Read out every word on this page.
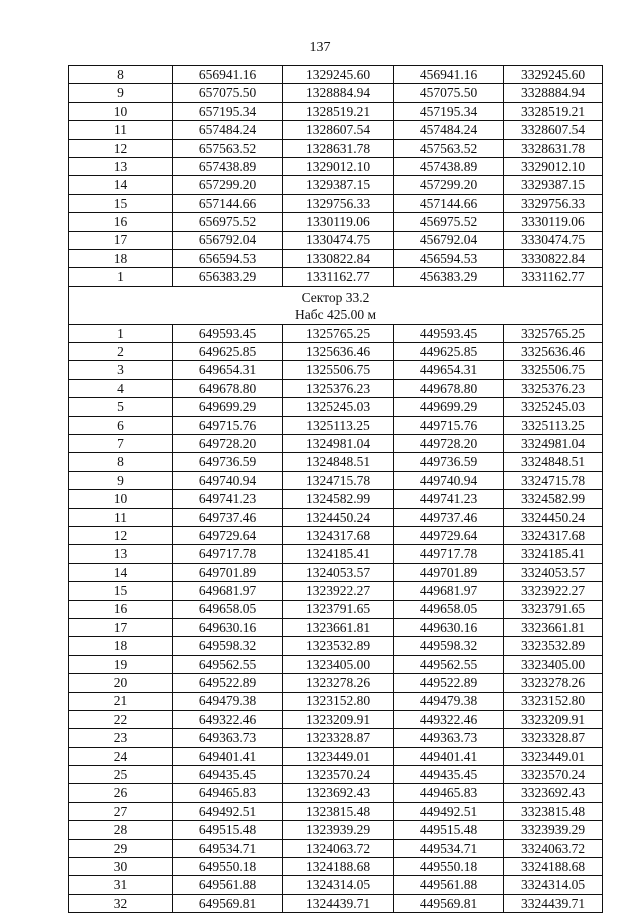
137
8	656941.16	1329245.60	456941.16	3329245.60
9	657075.50	1328884.94	457075.50	3328884.94
10	657195.34	1328519.21	457195.34	3328519.21
11	657484.24	1328607.54	457484.24	3328607.54
12	657563.52	1328631.78	457563.52	3328631.78
13	657438.89	1329012.10	457438.89	3329012.10
14	657299.20	1329387.15	457299.20	3329387.15
15	657144.66	1329756.33	457144.66	3329756.33
16	656975.52	1330119.06	456975.52	3330119.06
17	656792.04	1330474.75	456792.04	3330474.75
18	656594.53	1330822.84	456594.53	3330822.84
1	656383.29	1331162.77	456383.29	3331162.77

Сектор 33.2
Набс 425.00 м				

1	649593.45	1325765.25	449593.45	3325765.25
2	649625.85	1325636.46	449625.85	3325636.46
3	649654.31	1325506.75	449654.31	3325506.75
4	649678.80	1325376.23	449678.80	3325376.23
5	649699.29	1325245.03	449699.29	3325245.03
6	649715.76	1325113.25	449715.76	3325113.25
7	649728.20	1324981.04	449728.20	3324981.04
8	649736.59	1324848.51	449736.59	3324848.51
9	649740.94	1324715.78	449740.94	3324715.78
10	649741.23	1324582.99	449741.23	3324582.99
11	649737.46	1324450.24	449737.46	3324450.24
12	649729.64	1324317.68	449729.64	3324317.68
13	649717.78	1324185.41	449717.78	3324185.41
14	649701.89	1324053.57	449701.89	3324053.57
15	649681.97	1323922.27	449681.97	3323922.27
16	649658.05	1323791.65	449658.05	3323791.65
17	649630.16	1323661.81	449630.16	3323661.81
18	649598.32	1323532.89	449598.32	3323532.89
19	649562.55	1323405.00	449562.55	3323405.00
20	649522.89	1323278.26	449522.89	3323278.26
21	649479.38	1323152.80	449479.38	3323152.80
22	649322.46	1323209.91	449322.46	3323209.91
23	649363.73	1323328.87	449363.73	3323328.87
24	649401.41	1323449.01	449401.41	3323449.01
25	649435.45	1323570.24	449435.45	3323570.24
26	649465.83	1323692.43	449465.83	3323692.43
27	649492.51	1323815.48	449492.51	3323815.48
28	649515.48	1323939.29	449515.48	3323939.29
29	649534.71	1324063.72	449534.71	3324063.72
30	649550.18	1324188.68	449550.18	3324188.68
31	649561.88	1324314.05	449561.88	3324314.05
32	649569.81	1324439.71	449569.81	3324439.71
